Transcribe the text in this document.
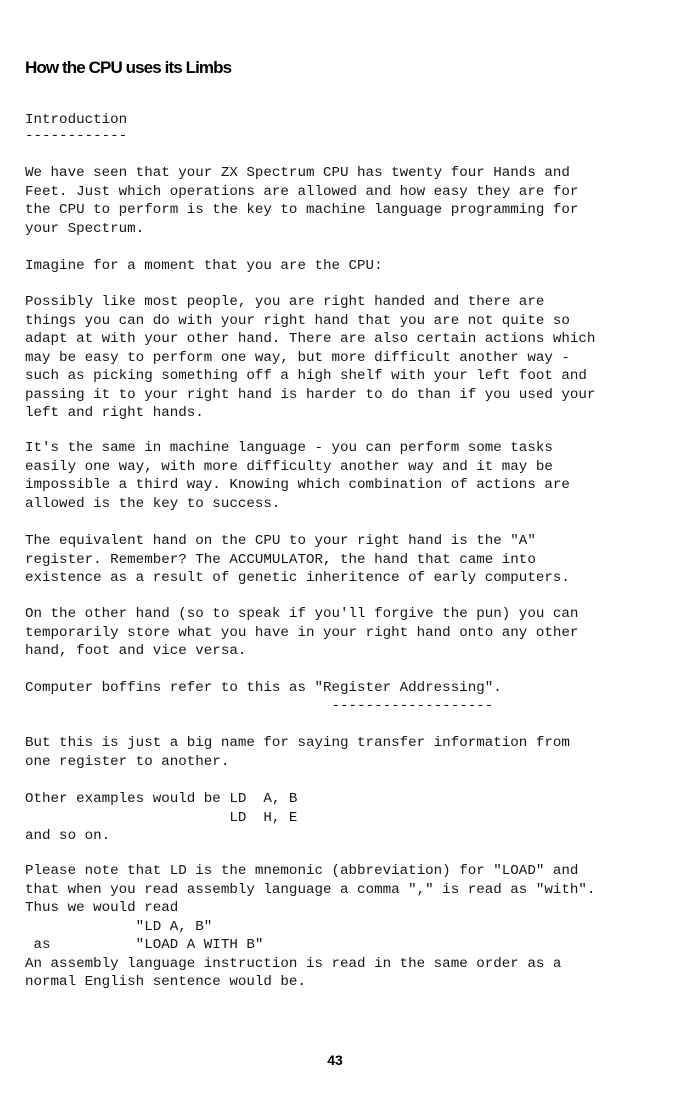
How the CPU uses its Limbs
Introduction
------------
We have seen that your ZX Spectrum CPU has twenty four Hands and
Feet. Just which operations are allowed and how easy they are for
the CPU to perform is the key to machine language programming for
your Spectrum.
Imagine for a moment that you are the CPU:
Possibly like most people, you are right handed and there are
things you can do with your right hand that you are not quite so
adapt at with your other hand. There are also certain actions which
may be easy to perform one way, but more difficult another way -
such as picking something off a high shelf with your left foot and
passing it to your right hand is harder to do than if you used your
left and right hands.
It's the same in machine language - you can perform some tasks
easily one way, with more difficulty another way and it may be
impossible a third way. Knowing which combination of actions are
allowed is the key to success.
The equivalent hand on the CPU to your right hand is the "A"
register. Remember? The ACCUMULATOR, the hand that came into
existence as a result of genetic inheritence of early computers.
On the other hand (so to speak if you'll forgive the pun) you can
temporarily store what you have in your right hand onto any other
hand, foot and vice versa.
Computer boffins refer to this as "Register Addressing".
-------------------
But this is just a big name for saying transfer information from
one register to another.
Other examples would be LD  A, B
LD  H, E
and so on.
Please note that LD is the mnemonic (abbreviation) for "LOAD" and
that when you read assembly language a comma "," is read as "with".
Thus we would read
"LD A, B"
as          "LOAD A WITH B"
An assembly language instruction is read in the same order as a
normal English sentence would be.
43
